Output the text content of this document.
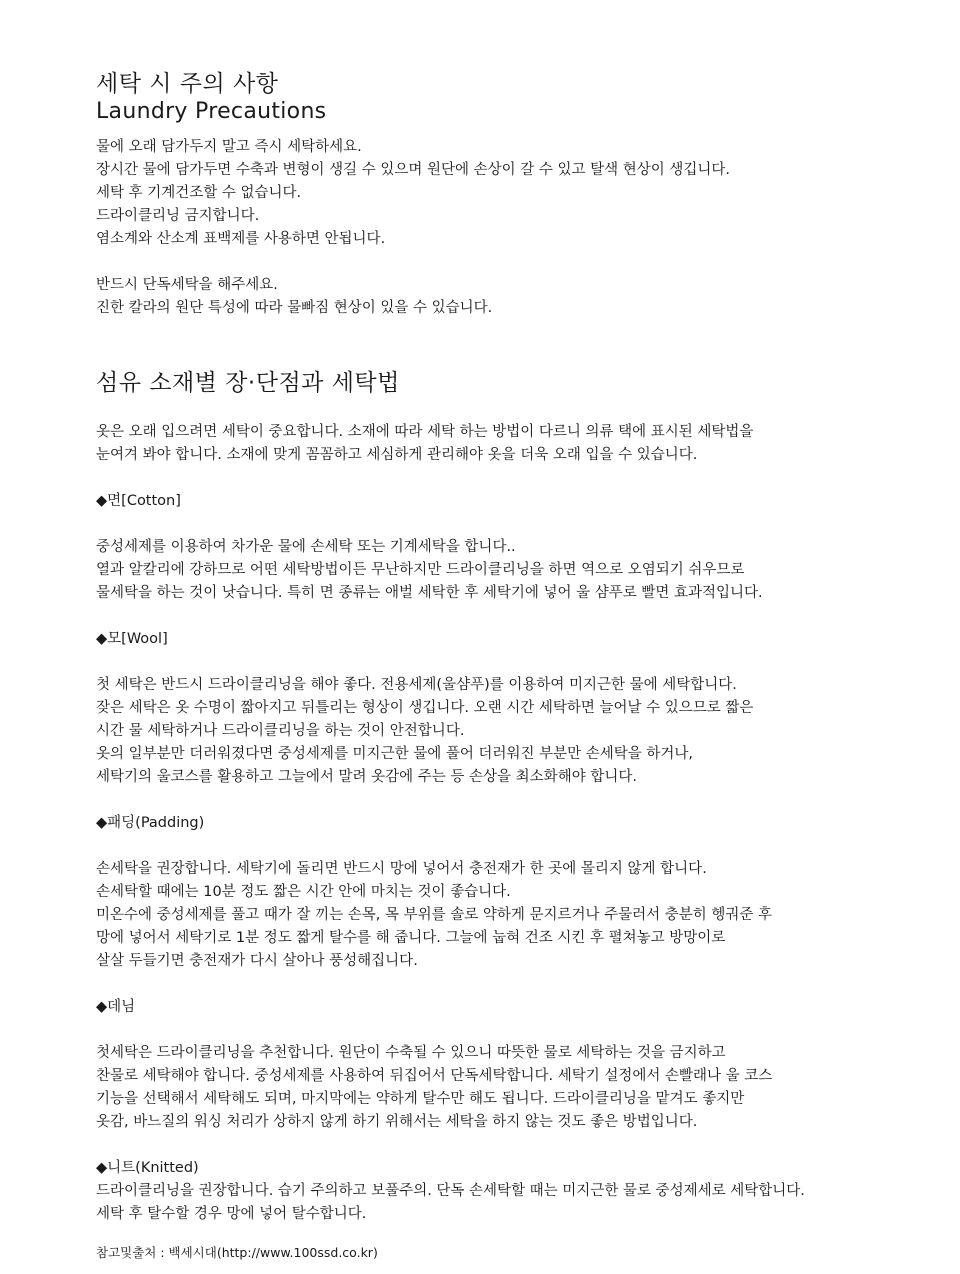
세탁 시 주의 사항
Laundry Precautions
물에 오래 담가두지 말고 즉시 세탁하세요.
장시간 물에 담가두면 수축과 변형이 생길 수 있으며 원단에 손상이 갈 수 있고 탈색 현상이 생깁니다.
세탁 후 기계건조할 수 없습니다.
드라이클리닝 금지합니다.
염소계와 산소계 표백제를 사용하면 안됩니다.
반드시 단독세탁을 해주세요.
진한 칼라의 원단 특성에 따라 물빠짐 현상이 있을 수 있습니다.
섬유 소재별 장·단점과 세탁법
옷은 오래 입으려면 세탁이 중요합니다. 소재에 따라 세탁 하는 방법이 다르니 의류 택에 표시된 세탁법을
눈여겨 봐야 합니다. 소재에 맞게 꼼꼼하고 세심하게 관리해야 옷을 더욱 오래 입을 수 있습니다.
◆면[Cotton]
중성세제를 이용하여 차가운 물에 손세탁 또는 기계세탁을 합니다..
열과 알칼리에 강하므로 어떤 세탁방법이든 무난하지만 드라이클리닝을 하면 역으로 오염되기 쉬우므로
물세탁을 하는 것이 낫습니다. 특히 면 종류는 애벌 세탁한 후 세탁기에 넣어 울 샴푸로 빨면 효과적입니다.
◆모[Wool]
첫 세탁은 반드시 드라이클리닝을 해야 좋다. 전용세제(울샴푸)를 이용하여 미지근한 물에 세탁합니다.
잦은 세탁은 옷 수명이 짧아지고 뒤틀리는 형상이 생깁니다. 오랜 시간 세탁하면 늘어날 수 있으므로 짧은
시간 물 세탁하거나 드라이클리닝을 하는 것이 안전합니다.
옷의 일부분만 더러워졌다면 중성세제를 미지근한 물에 풀어 더러워진 부분만 손세탁을 하거나,
세탁기의 울코스를 활용하고 그늘에서 말려 옷감에 주는 등 손상을 최소화해야 합니다.
◆패딩(Padding)
손세탁을 권장합니다. 세탁기에 돌리면 반드시 망에 넣어서 충전재가 한 곳에 몰리지 않게 합니다.
손세탁할 때에는 10분 정도 짧은 시간 안에 마치는 것이 좋습니다.
미온수에 중성세제를 풀고 때가 잘 끼는 손목, 목 부위를 솔로 약하게 문지르거나 주물러서 충분히 헹궈준 후
망에 넣어서 세탁기로 1분 정도 짧게 탈수를 해 줍니다. 그늘에 눕혀 건조 시킨 후 펼쳐놓고 방망이로
살살 두들기면 충전재가 다시 살아나 풍성해집니다.
◆데님
첫세탁은 드라이클리닝을 추천합니다. 원단이 수축될 수 있으니 따뜻한 물로 세탁하는 것을 금지하고
찬물로 세탁해야 합니다. 중성세제를 사용하여 뒤집어서 단독세탁합니다. 세탁기 설정에서 손빨래나 울 코스
기능을 선택해서 세탁해도 되며, 마지막에는 약하게 탈수만 해도 됩니다. 드라이클리닝을 맡겨도 좋지만
옷감, 바느질의 워싱 처리가 상하지 않게 하기 위해서는 세탁을 하지 않는 것도 좋은 방법입니다.
◆니트(Knitted)
드라이클리닝을 권장합니다. 습기 주의하고 보풀주의. 단독 손세탁할 때는 미지근한 물로 중성제세로 세탁합니다.
세탁 후 탈수할 경우 망에 넣어 탈수합니다.
참고및출처 : 백세시대(http://www.100ssd.co.kr)
